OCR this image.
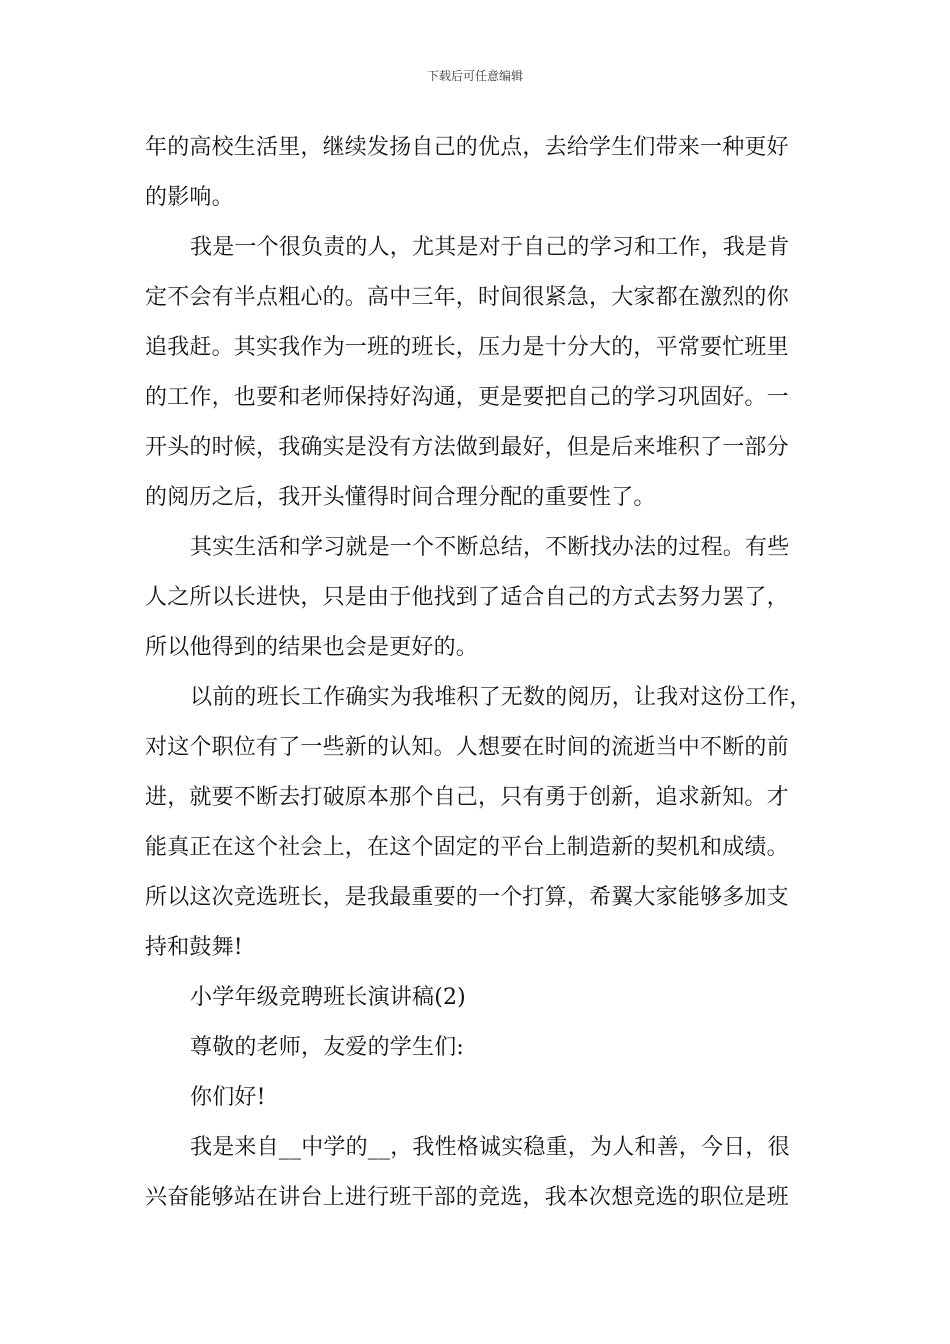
下载后可任意编辑
年的高校生活里，继续发扬自己的优点，去给学生们带来一种更好
的影响。
我是一个很负责的人，尤其是对于自己的学习和工作，我是肯
定不会有半点粗心的。高中三年，时间很紧急，大家都在激烈的你
追我赶。其实我作为一班的班长，压力是十分大的，平常要忙班里
的工作，也要和老师保持好沟通，更是要把自己的学习巩固好。一
开头的时候，我确实是没有方法做到最好，但是后来堆积了一部分
的阅历之后，我开头懂得时间合理分配的重要性了。
其实生活和学习就是一个不断总结，不断找办法的过程。有些
人之所以长进快，只是由于他找到了适合自己的方式去努力罢了，
所以他得到的结果也会是更好的。
以前的班长工作确实为我堆积了无数的阅历，让我对这份工作，
对这个职位有了一些新的认知。人想要在时间的流逝当中不断的前
进，就要不断去打破原本那个自己，只有勇于创新，追求新知。才
能真正在这个社会上，在这个固定的平台上制造新的契机和成绩。
所以这次竞选班长，是我最重要的一个打算，希翼大家能够多加支
持和鼓舞!
小学年级竞聘班长演讲稿(2)
尊敬的老师，友爱的学生们:
你们好!
我是来自__中学的__，我性格诚实稳重，为人和善，今日，很
兴奋能够站在讲台上进行班干部的竞选，我本次想竞选的职位是班
